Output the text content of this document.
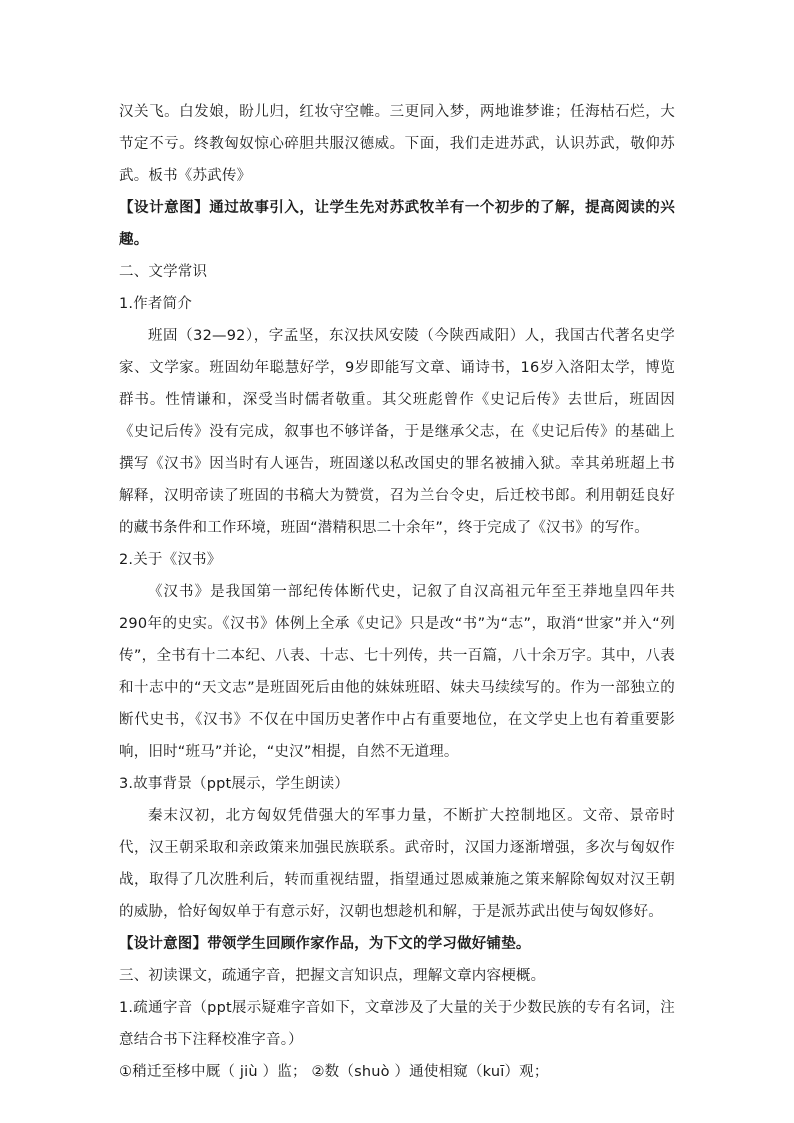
汉关飞。白发娘，盼儿归，红妆守空帷。三更同入梦，两地谁梦谁；任海枯石烂，大节定不亏。终教匈奴惊心碎胆共服汉德威。下面，我们走进苏武，认识苏武，敬仰苏武。板书《苏武传》

【设计意图】通过故事引入，让学生先对苏武牧羊有一个初步的了解，提高阅读的兴趣。

二、文学常识

1.作者简介

班固（32—92），字孟坚，东汉扶风安陵（今陕西咸阳）人，我国古代著名史学家、文学家。班固幼年聪慧好学，9岁即能写文章、诵诗书，16岁入洛阳太学，博览群书。性情谦和，深受当时儒者敬重。其父班彪曾作《史记后传》去世后，班固因《史记后传》没有完成，叙事也不够详备，于是继承父志，在《史记后传》的基础上撰写《汉书》因当时有人诬告，班固遂以私改国史的罪名被捕入狱。幸其弟班超上书解释，汉明帝读了班固的书稿大为赞赏，召为兰台令史，后迁校书郎。利用朝廷良好的藏书条件和工作环境，班固“潜精积思二十余年”，终于完成了《汉书》的写作。

2.关于《汉书》

《汉书》是我国第一部纪传体断代史，记叙了自汉高祖元年至王莽地皇四年共290年的史实。《汉书》体例上全承《史记》只是改“书”为“志”，取消“世家”并入“列传”，全书有十二本纪、八表、十志、七十列传，共一百篇，八十余万字。其中，八表和十志中的“天文志”是班固死后由他的妹妹班昭、妹夫马续续写的。作为一部独立的断代史书，《汉书》不仅在中国历史著作中占有重要地位，在文学史上也有着重要影响，旧时“班马”并论，“史汉”相提，自然不无道理。

3.故事背景（ppt展示，学生朗读）

秦末汉初，北方匈奴凭借强大的军事力量，不断扩大控制地区。文帝、景帝时代，汉王朝采取和亲政策来加强民族联系。武帝时，汉国力逐渐增强，多次与匈奴作战，取得了几次胜利后，转而重视结盟，指望通过恩威兼施之策来解除匈奴对汉王朝的威胁，恰好匈奴单于有意示好，汉朝也想趁机和解，于是派苏武出使与匈奴修好。

【设计意图】带领学生回顾作家作品，为下文的学习做好铺垫。

三、初读课文，疏通字音，把握文言知识点，理解文章内容梗概。

1.疏通字音（ppt展示疑难字音如下，文章涉及了大量的关于少数民族的专有名词，注意结合书下注释校准字音。）

①稍迁至栘中厩（ jiù ）监； ②数（shuò ）通使相窥（kuī）观；
